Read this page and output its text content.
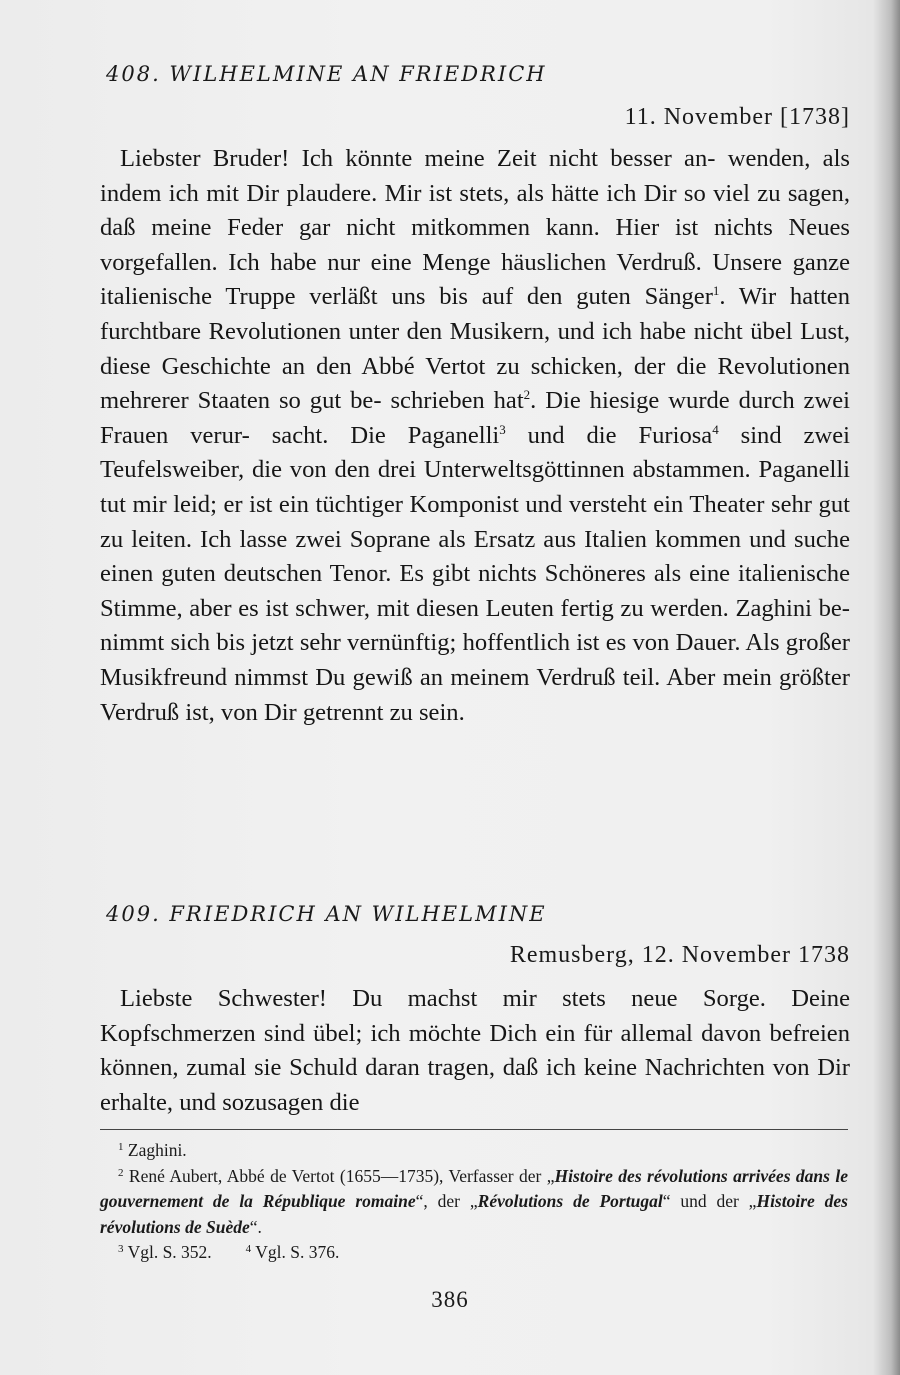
408. WILHELMINE AN FRIEDRICH
11. November [1738]

Liebster Bruder! Ich könnte meine Zeit nicht besser an- wenden, als indem ich mit Dir plaudere. Mir ist stets, als hätte ich Dir so viel zu sagen, daß meine Feder gar nicht mitkommen kann. Hier ist nichts Neues vorgefallen. Ich habe nur eine Menge häuslichen Verdruß. Unsere ganze italienische Truppe verläßt uns bis auf den guten Sänger$^1$. Wir hatten furchtbare Revolutionen unter den Musikern, und ich habe nicht übel Lust, diese Geschichte an den Abbé Vertot zu schicken, der die Revolutionen mehrerer Staaten so gut be- schrieben hat$^2$. Die hiesige wurde durch zwei Frauen verur- sacht. Die Paganelli$^3$ und die Furiosa$^4$ sind zwei Teufelsweiber, die von den drei Unterweltsgöttinnen abstammen. Paganelli tut mir leid; er ist ein tüchtiger Komponist und versteht ein Theater sehr gut zu leiten. Ich lasse zwei Soprane als Ersatz aus Italien kommen und suche einen guten deutschen Tenor. Es gibt nichts Schöneres als eine italienische Stimme, aber es ist schwer, mit diesen Leuten fertig zu werden. Zaghini be- nimmt sich bis jetzt sehr vernünftig; hoffentlich ist es von Dauer. Als großer Musikfreund nimmst Du gewiß an meinem Verdruß teil. Aber mein größter Verdruß ist, von Dir getrennt zu sein.

409. FRIEDRICH AN WILHELMINE
Remusberg, 12. November 1738

Liebste Schwester! Du machst mir stets neue Sorge. Deine Kopfschmerzen sind übel; ich möchte Dich ein für allemal davon befreien können, zumal sie Schuld daran tragen, daß ich keine Nachrichten von Dir erhalte, und sozusagen die

$^1$ Zaghini.
$^2$ René Aubert, Abbé de Vertot (1655—1735), Verfasser der „Histoire des révolutions arrivées dans le gouvernement de la République romaine“, der „Révolutions de Portugal“ und der „Histoire des révolutions de Suède“.
$^3$ Vgl. S. 352.	$^4$ Vgl. S. 376.
386
